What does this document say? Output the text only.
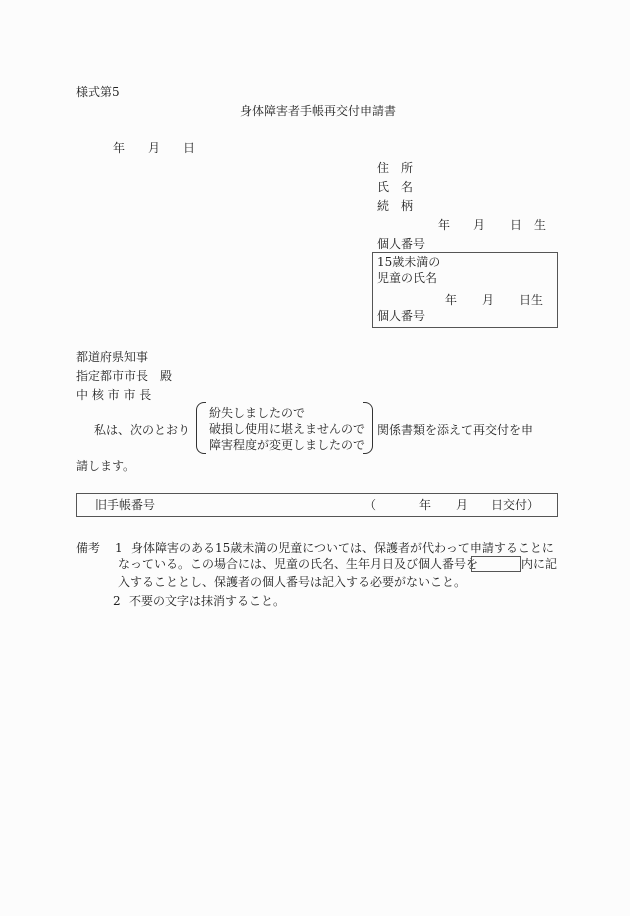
様式第5
身体障害者手帳再交付申請書
年 月 日
住　所
氏　名
続　柄
年 月 日　生
個人番号
15歳未満の
児童の氏名
年 月 日生
個人番号
都道府県知事
指定都市市長　殿
中 核 市 市 長
私は、次のとおり
紛失しましたので
破損し使用に堪えませんので
障害程度が変更しましたので
関係書類を添えて再交付を申
請します。
旧手帳番号	（	年 月 日交付）
備考 1 身体障害のある15歳未満の児童については、保護者が代わって申請することに
なっている。この場合には、児童の氏名、生年月日及び個人番号を	内に記
入することとし、保護者の個人番号は記入する必要がないこと。
2 不要の文字は抹消すること。
